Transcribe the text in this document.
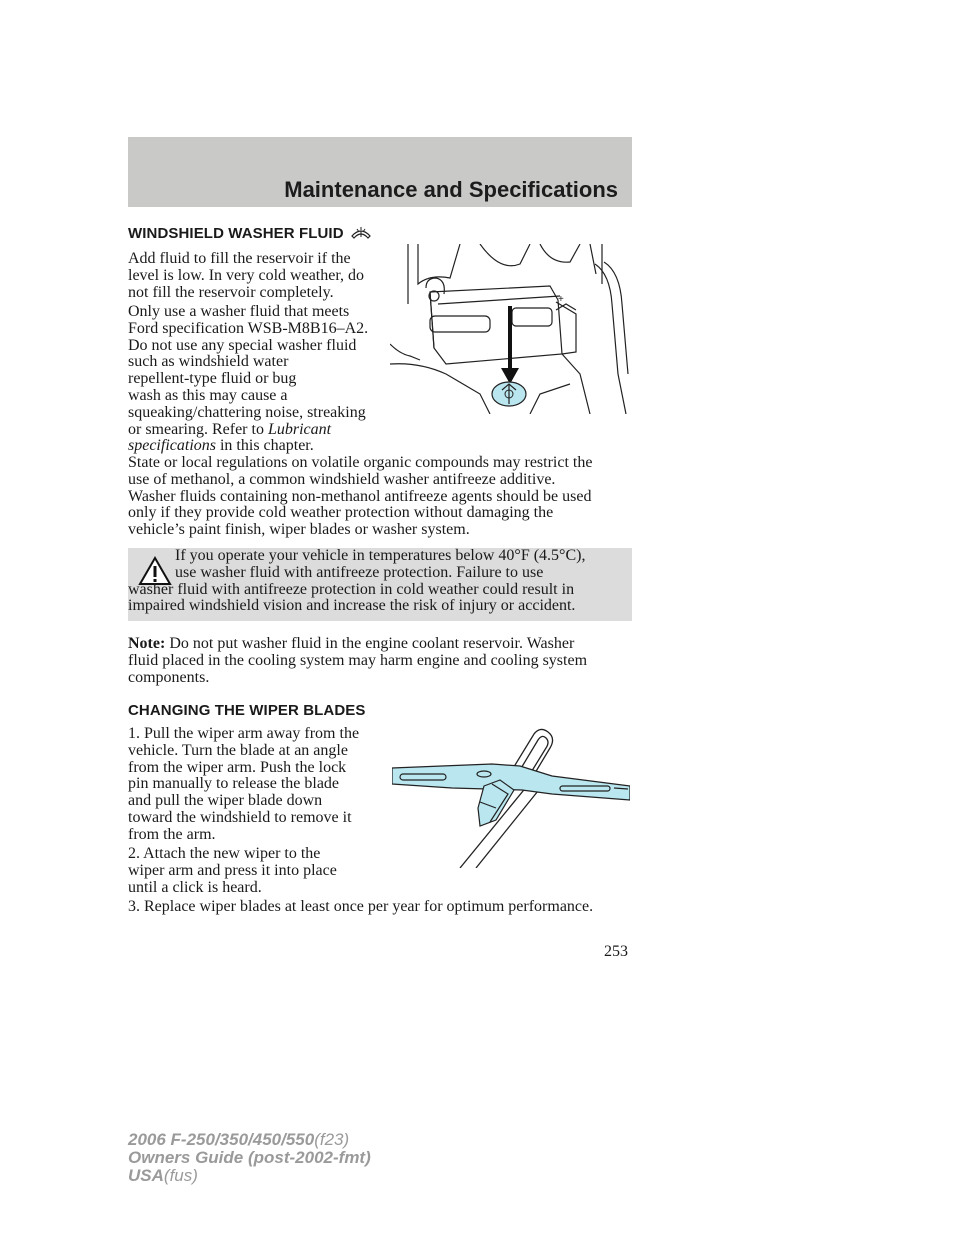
Maintenance and Specifications
WINDSHIELD WASHER FLUID
Add fluid to fill the reservoir if the
level is low. In very cold weather, do
not fill the reservoir completely.
Only use a washer fluid that meets
Ford specification WSB-M8B16–A2.
Do not use any special washer fluid
such as windshield water
repellent-type fluid or bug
wash as this may cause a
squeaking/chattering noise, streaking
or smearing. Refer to Lubricant
specifications in this chapter.
+
State or local regulations on volatile organic compounds may restrict the
use of methanol, a common windshield washer antifreeze additive.
Washer fluids containing non-methanol antifreeze agents should be used
only if they provide cold weather protection without damaging the
vehicle’s paint finish, wiper blades or washer system.
If you operate your vehicle in temperatures below 40°F (4.5°C),
use washer fluid with antifreeze protection. Failure to use
washer fluid with antifreeze protection in cold weather could result in
impaired windshield vision and increase the risk of injury or accident.
Note: Do not put washer fluid in the engine coolant reservoir. Washer
fluid placed in the cooling system may harm engine and cooling system
components.
CHANGING THE WIPER BLADES
1. Pull the wiper arm away from the
vehicle. Turn the blade at an angle
from the wiper arm. Push the lock
pin manually to release the blade
and pull the wiper blade down
toward the windshield to remove it
from the arm.
2. Attach the new wiper to the
wiper arm and press it into place
until a click is heard.
3. Replace wiper blades at least once per year for optimum performance.
253
2006 F-250/350/450/550(f23)
Owners Guide (post-2002-fmt)
USA(fus)
